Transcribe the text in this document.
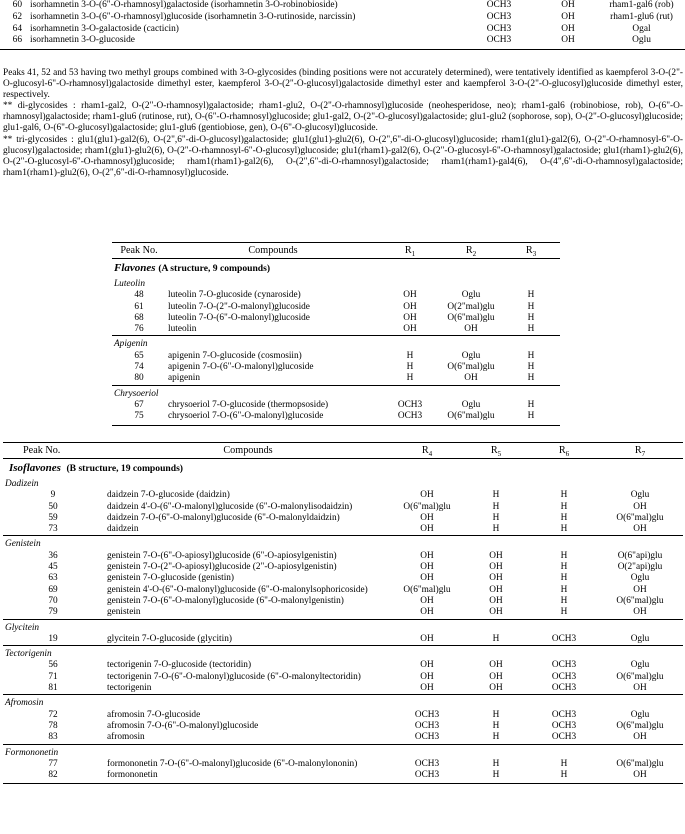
60	isorhamnetin 3-O-(6"-O-rhamnosyl)galactoside (isorhamnetin 3-O-robinobioside)	OCH3	OH	rham1-gal6 (rob)
62	isorhamnetin 3-O-(6"-O-rhamnosyl)glucoside (isorhamnetin 3-O-rutinoside, narcissin)	OCH3	OH	rham1-glu6 (rut)
64	isorhamnetin 3-O-galactoside (cacticin)	OCH3	OH	Ogal
66	isorhamnetin 3-O-glucoside	OCH3	OH	Oglu

Peaks 41, 52 and 53 having two methyl groups combined with 3-O-glycosides (binding positions were not accurately determined), were tentatively identified as kaempferol 3-O-(2"-O-glucosyl-6"-O-rhamnosyl)galactoside dimethyl ester, kaempferol 3-O-(2"-O-glucosyl)galactoside dimethyl ester and kaempferol 3-O-(2"-O-glucosyl)glucoside dimethyl ester, respectively.

** di-glycosides : rham1-gal2, O-(2"-O-rhamnosyl)galactoside; rham1-glu2, O-(2"-O-rhamnosyl)glucoside (neohesperidose, neo); rham1-gal6 (robinobiose, rob), O-(6"-O-rhamnosyl)galactoside; rham1-glu6 (rutinose, rut), O-(6"-O-rhamnosyl)glucoside; glu1-gal2, O-(2"-O-glucosyl)galactoside; glu1-glu2 (sophorose, sop), O-(2"-O-glucosyl)glucoside; glu1-gal6, O-(6"-O-glucosyl)galactoside; glu1-glu6 (gentiobiose, gen), O-(6"-O-glucosyl)glucoside.

** tri-glycosides : glu1(glu1)-gal2(6), O-(2",6"-di-O-glucosyl)galactoside; glu1(glu1)-glu2(6), O-(2",6"-di-O-glucosyl)glucoside; rham1(glu1)-gal2(6), O-(2"-O-rhamnosyl-6"-O-glucosyl)galactoside; rham1(glu1)-glu2(6), O-(2"-O-rhamnosyl-6"-O-glucosyl)glucoside; glu1(rham1)-gal2(6), O-(2"-O-glucosyl-6"-O-rhamnosyl)galactoside; glu1(rham1)-glu2(6), O-(2"-O-glucosyl-6"-O-rhamnosyl)glucoside; rham1(rham1)-gal2(6), O-(2",6"-di-O-rhamnosyl)galactoside; rham1(rham1)-gal4(6), O-(4",6"-di-O-rhamnosyl)galactoside; rham1(rham1)-glu2(6), O-(2",6"-di-O-rhamnosyl)glucoside.

Peak No.	Compounds	$R_1$	$R_2$	$R_3$
Flavones (A structure, 9 compounds)				
Luteolin				
48	luteolin 7-O-glucoside (cynaroside)	OH	Oglu	H
61	luteolin 7-O-(2"-O-malonyl)glucoside	OH	O(2"mal)glu	H
68	luteolin 7-O-(6"-O-malonyl)glucoside	OH	O(6"mal)glu	H
76	luteolin	OH	OH	H
Apigenin				
65	apigenin 7-O-glucoside (cosmosiin)	H	Oglu	H
74	apigenin 7-O-(6"-O-malonyl)glucoside	H	O(6"mal)glu	H
80	apigenin	H	OH	H
Chrysoeriol				
67	chrysoeriol 7-O-glucoside (thermopsoside)	OCH3	Oglu	H
75	chrysoeriol 7-O-(6"-O-malonyl)glucoside	OCH3	O(6"mal)glu	H
Peak No.	Compounds	$R_4$	$R_5$	$R_6$	$R_7$
Isoflavones (B structure, 19 compounds)					
Dadizein					
9	daidzein 7-O-glucoside (daidzin)	OH	H	H	Oglu
50	daidzein 4'-O-(6"-O-malonyl)glucoside (6"-O-malonylisodaidzin)	O(6"mal)glu	H	H	OH
59	daidzein 7-O-(6"-O-malonyl)glucoside (6"-O-malonyldaidzin)	OH	H	H	O(6"mal)glu
73	daidzein	OH	H	H	OH
Genistein					
36	genistein 7-O-(6"-O-apiosyl)glucoside (6"-O-apiosylgenistin)	OH	OH	H	O(6"api)glu
45	genistein 7-O-(2"-O-apiosyl)glucoside (2"-O-apiosylgenistin)	OH	OH	H	O(2"api)glu
63	genistein 7-O-glucoside (genistin)	OH	OH	H	Oglu
69	genistein 4'-O-(6"-O-malonyl)glucoside (6"-O-malonylsophoricoside)	O(6"mal)glu	OH	H	OH
70	genistein 7-O-(6"-O-malonyl)glucoside (6"-O-malonylgenistin)	OH	OH	H	O(6"mal)glu
79	genistein	OH	OH	H	OH
Glycitein					
19	glycitein 7-O-glucoside (glycitin)	OH	H	OCH3	Oglu
Tectorigenin					
56	tectorigenin 7-O-glucoside (tectoridin)	OH	OH	OCH3	Oglu
71	tectorigenin 7-O-(6"-O-malonyl)glucoside (6"-O-malonyltectoridin)	OH	OH	OCH3	O(6"mal)glu
81	tectorigenin	OH	OH	OCH3	OH
Afromosin					
72	afromosin 7-O-glucoside	OCH3	H	OCH3	Oglu
78	afromosin 7-O-(6"-O-malonyl)glucoside	OCH3	H	OCH3	O(6"mal)glu
83	afromosin	OCH3	H	OCH3	OH
Formononetin					
77	formononetin 7-O-(6"-O-malonyl)glucoside (6"-O-malonylononin)	OCH3	H	H	O(6"mal)glu
82	formononetin	OCH3	H	H	OH
